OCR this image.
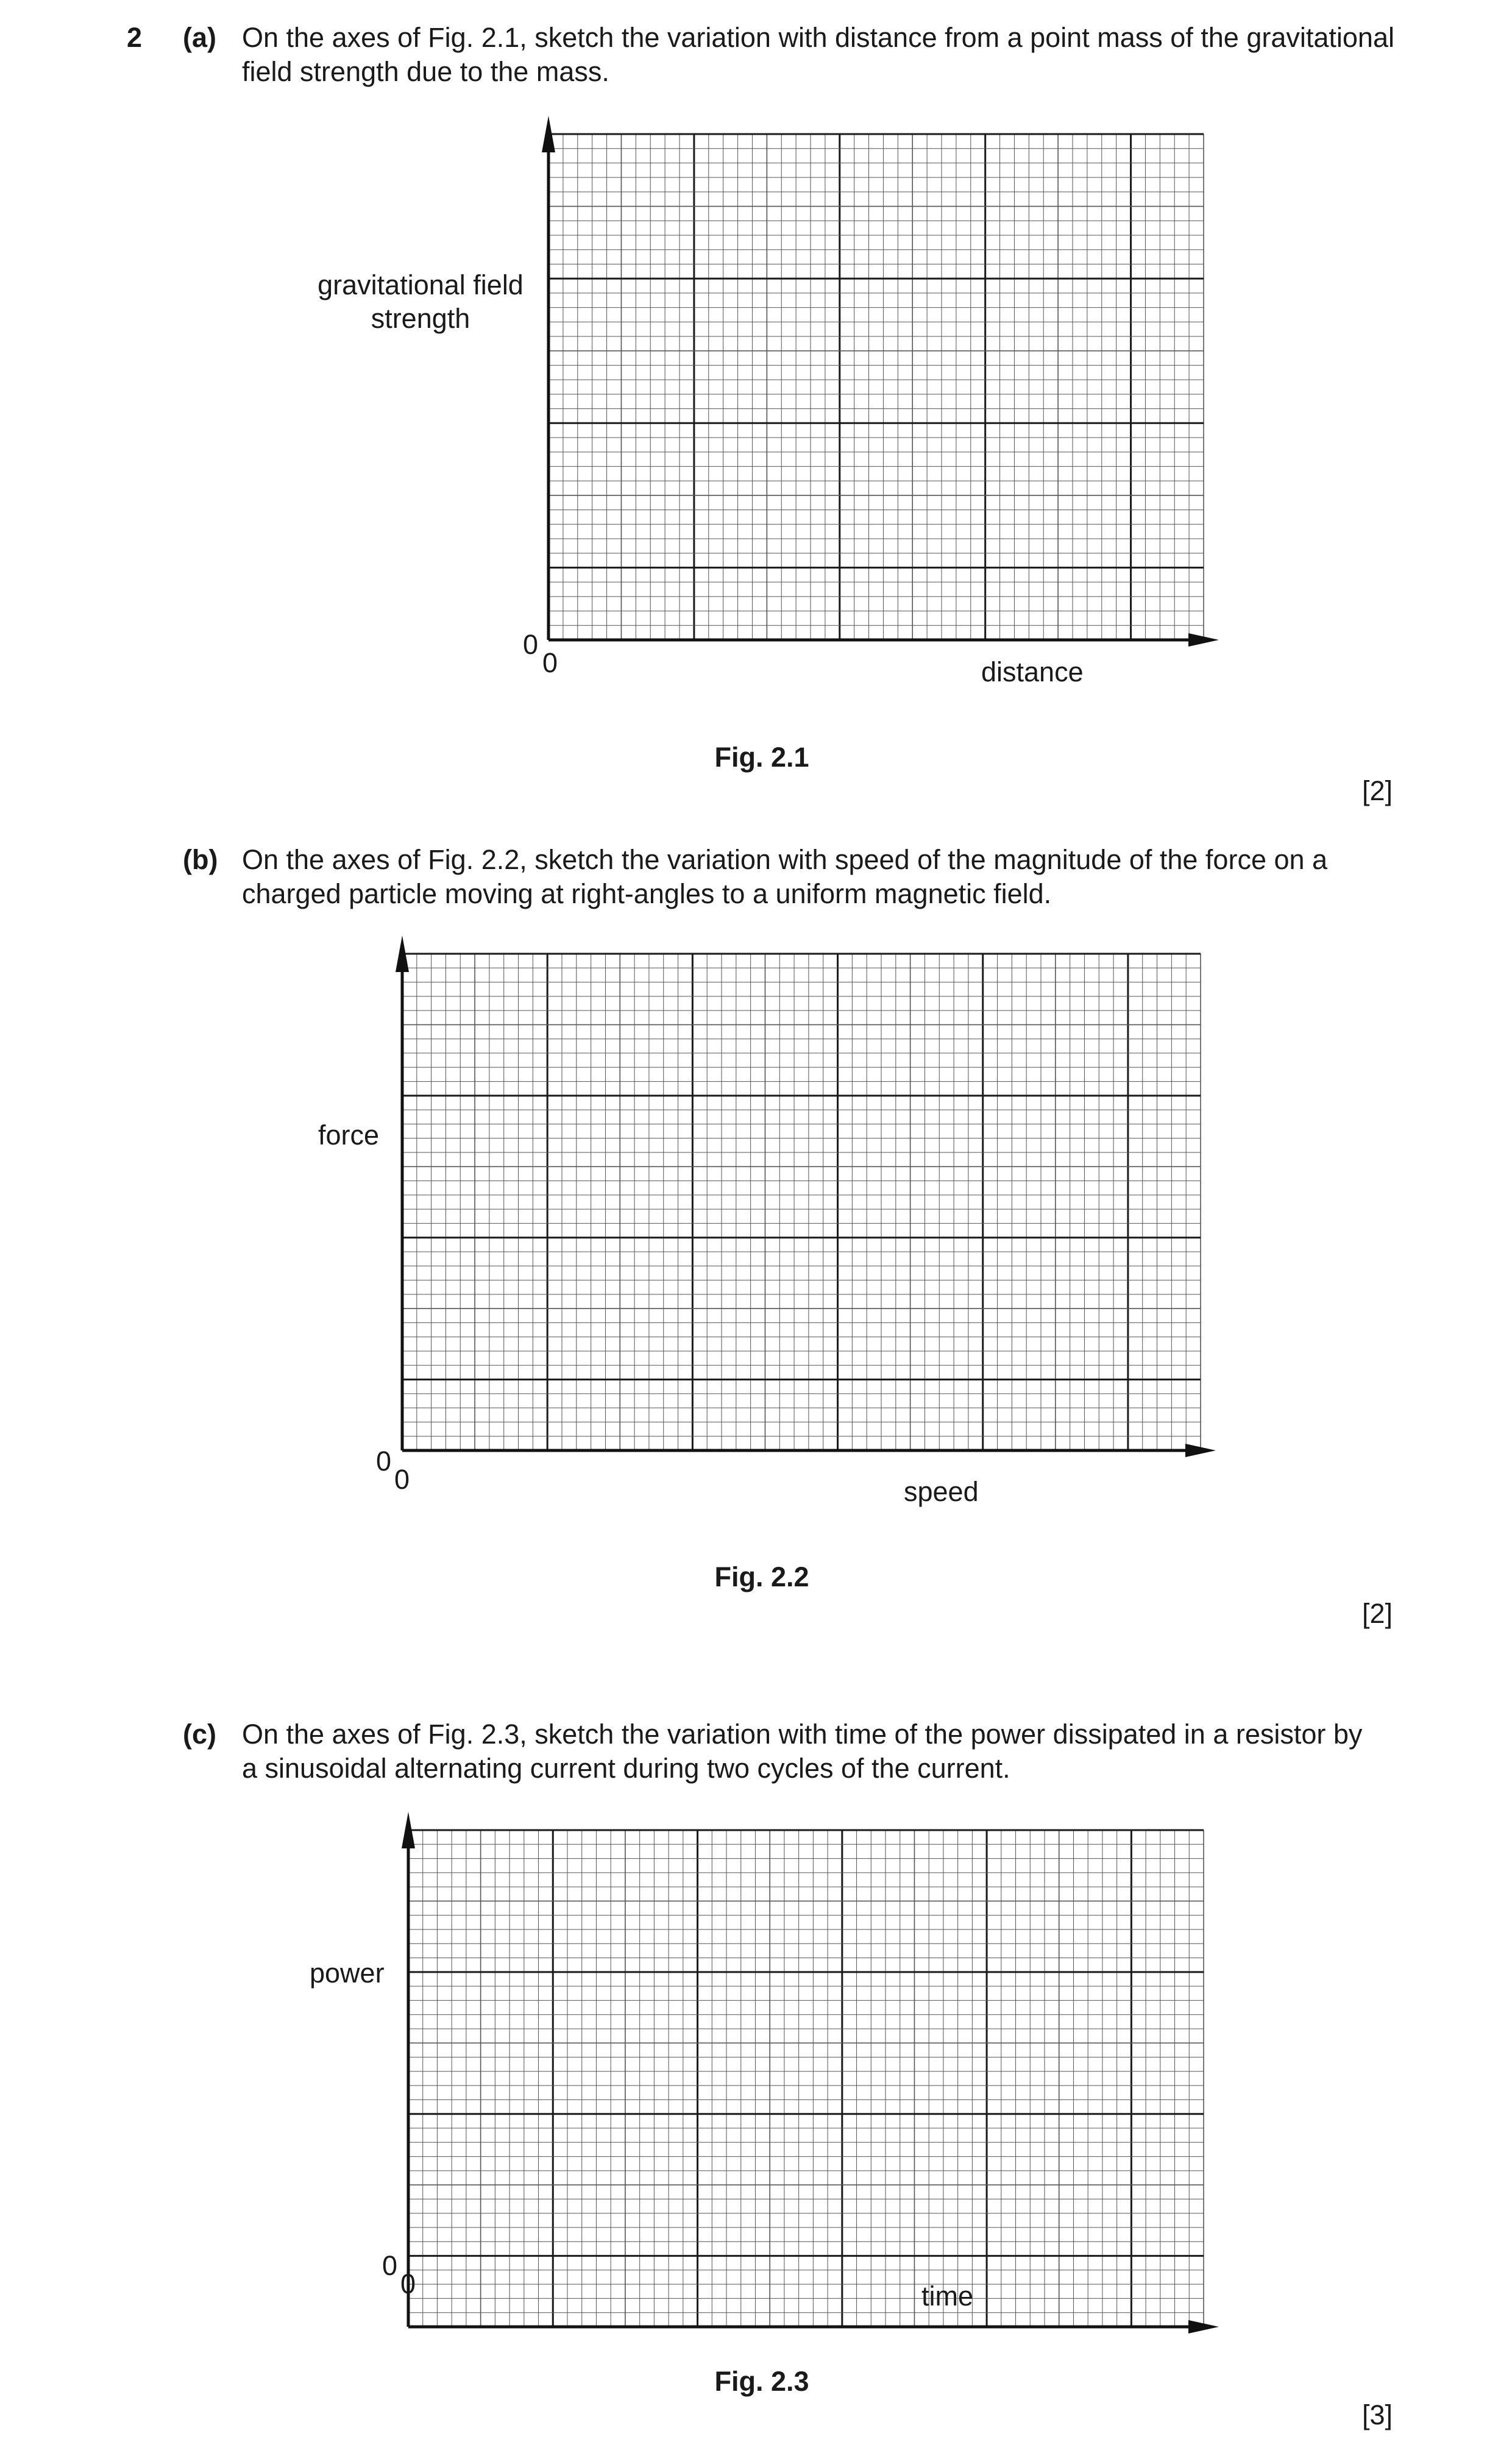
2 (a) On the axes of Fig. 2.1, sketch the variation with distance from a point mass of the gravitational
field strength due to the mass.
gravitational field
strength
0
0	distance
Fig. 2.1
[2]
(b) On the axes of Fig. 2.2, sketch the variation with speed of the magnitude of the force on a
charged particle moving at right-angles to a uniform magnetic field.
force
0
0	speed
Fig. 2.2
[2]
(c) On the axes of Fig. 2.3, sketch the variation with time of the power dissipated in a resistor by
a sinusoidal alternating current during two cycles of the current.
power
0
0	time
Fig. 2.3
[3]
